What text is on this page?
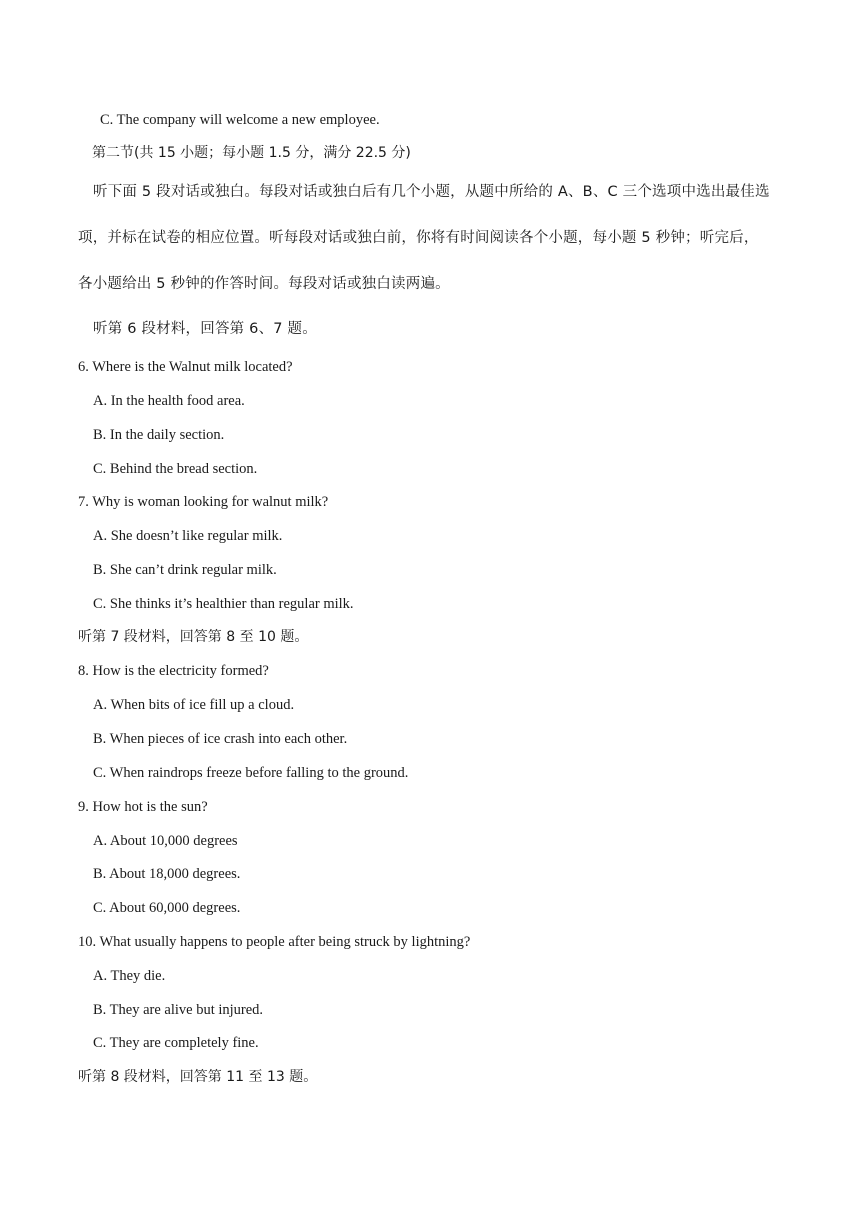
C. The company will welcome a new employee.
第二节(共 15 小题；每小题 1.5 分，满分 22.5 分)
听下面 5 段对话或独白。每段对话或独白后有几个小题，从题中所给的 A、B、C 三个选项中选出最佳选
项，并标在试卷的相应位置。听每段对话或独白前，你将有时间阅读各个小题，每小题 5 秒钟；听完后，
各小题给出 5 秒钟的作答时间。每段对话或独白读两遍。
听第 6 段材料，回答第 6、7 题。
6. Where is the Walnut milk located?
A. In the health food area.
B. In the daily section.
C. Behind the bread section.
7. Why is woman looking for walnut milk?
A. She doesn’t like regular milk.
B. She can’t drink regular milk.
C. She thinks it’s healthier than regular milk.
听第 7 段材料，回答第 8 至 10 题。
8. How is the electricity formed?
A. When bits of ice fill up a cloud.
B. When pieces of ice crash into each other.
C. When raindrops freeze before falling to the ground.
9. How hot is the sun?
A. About 10,000 degrees
B. About 18,000 degrees.
C. About 60,000 degrees.
10. What usually happens to people after being struck by lightning?
A. They die.
B. They are alive but injured.
C. They are completely fine.
听第 8 段材料，回答第 11 至 13 题。
